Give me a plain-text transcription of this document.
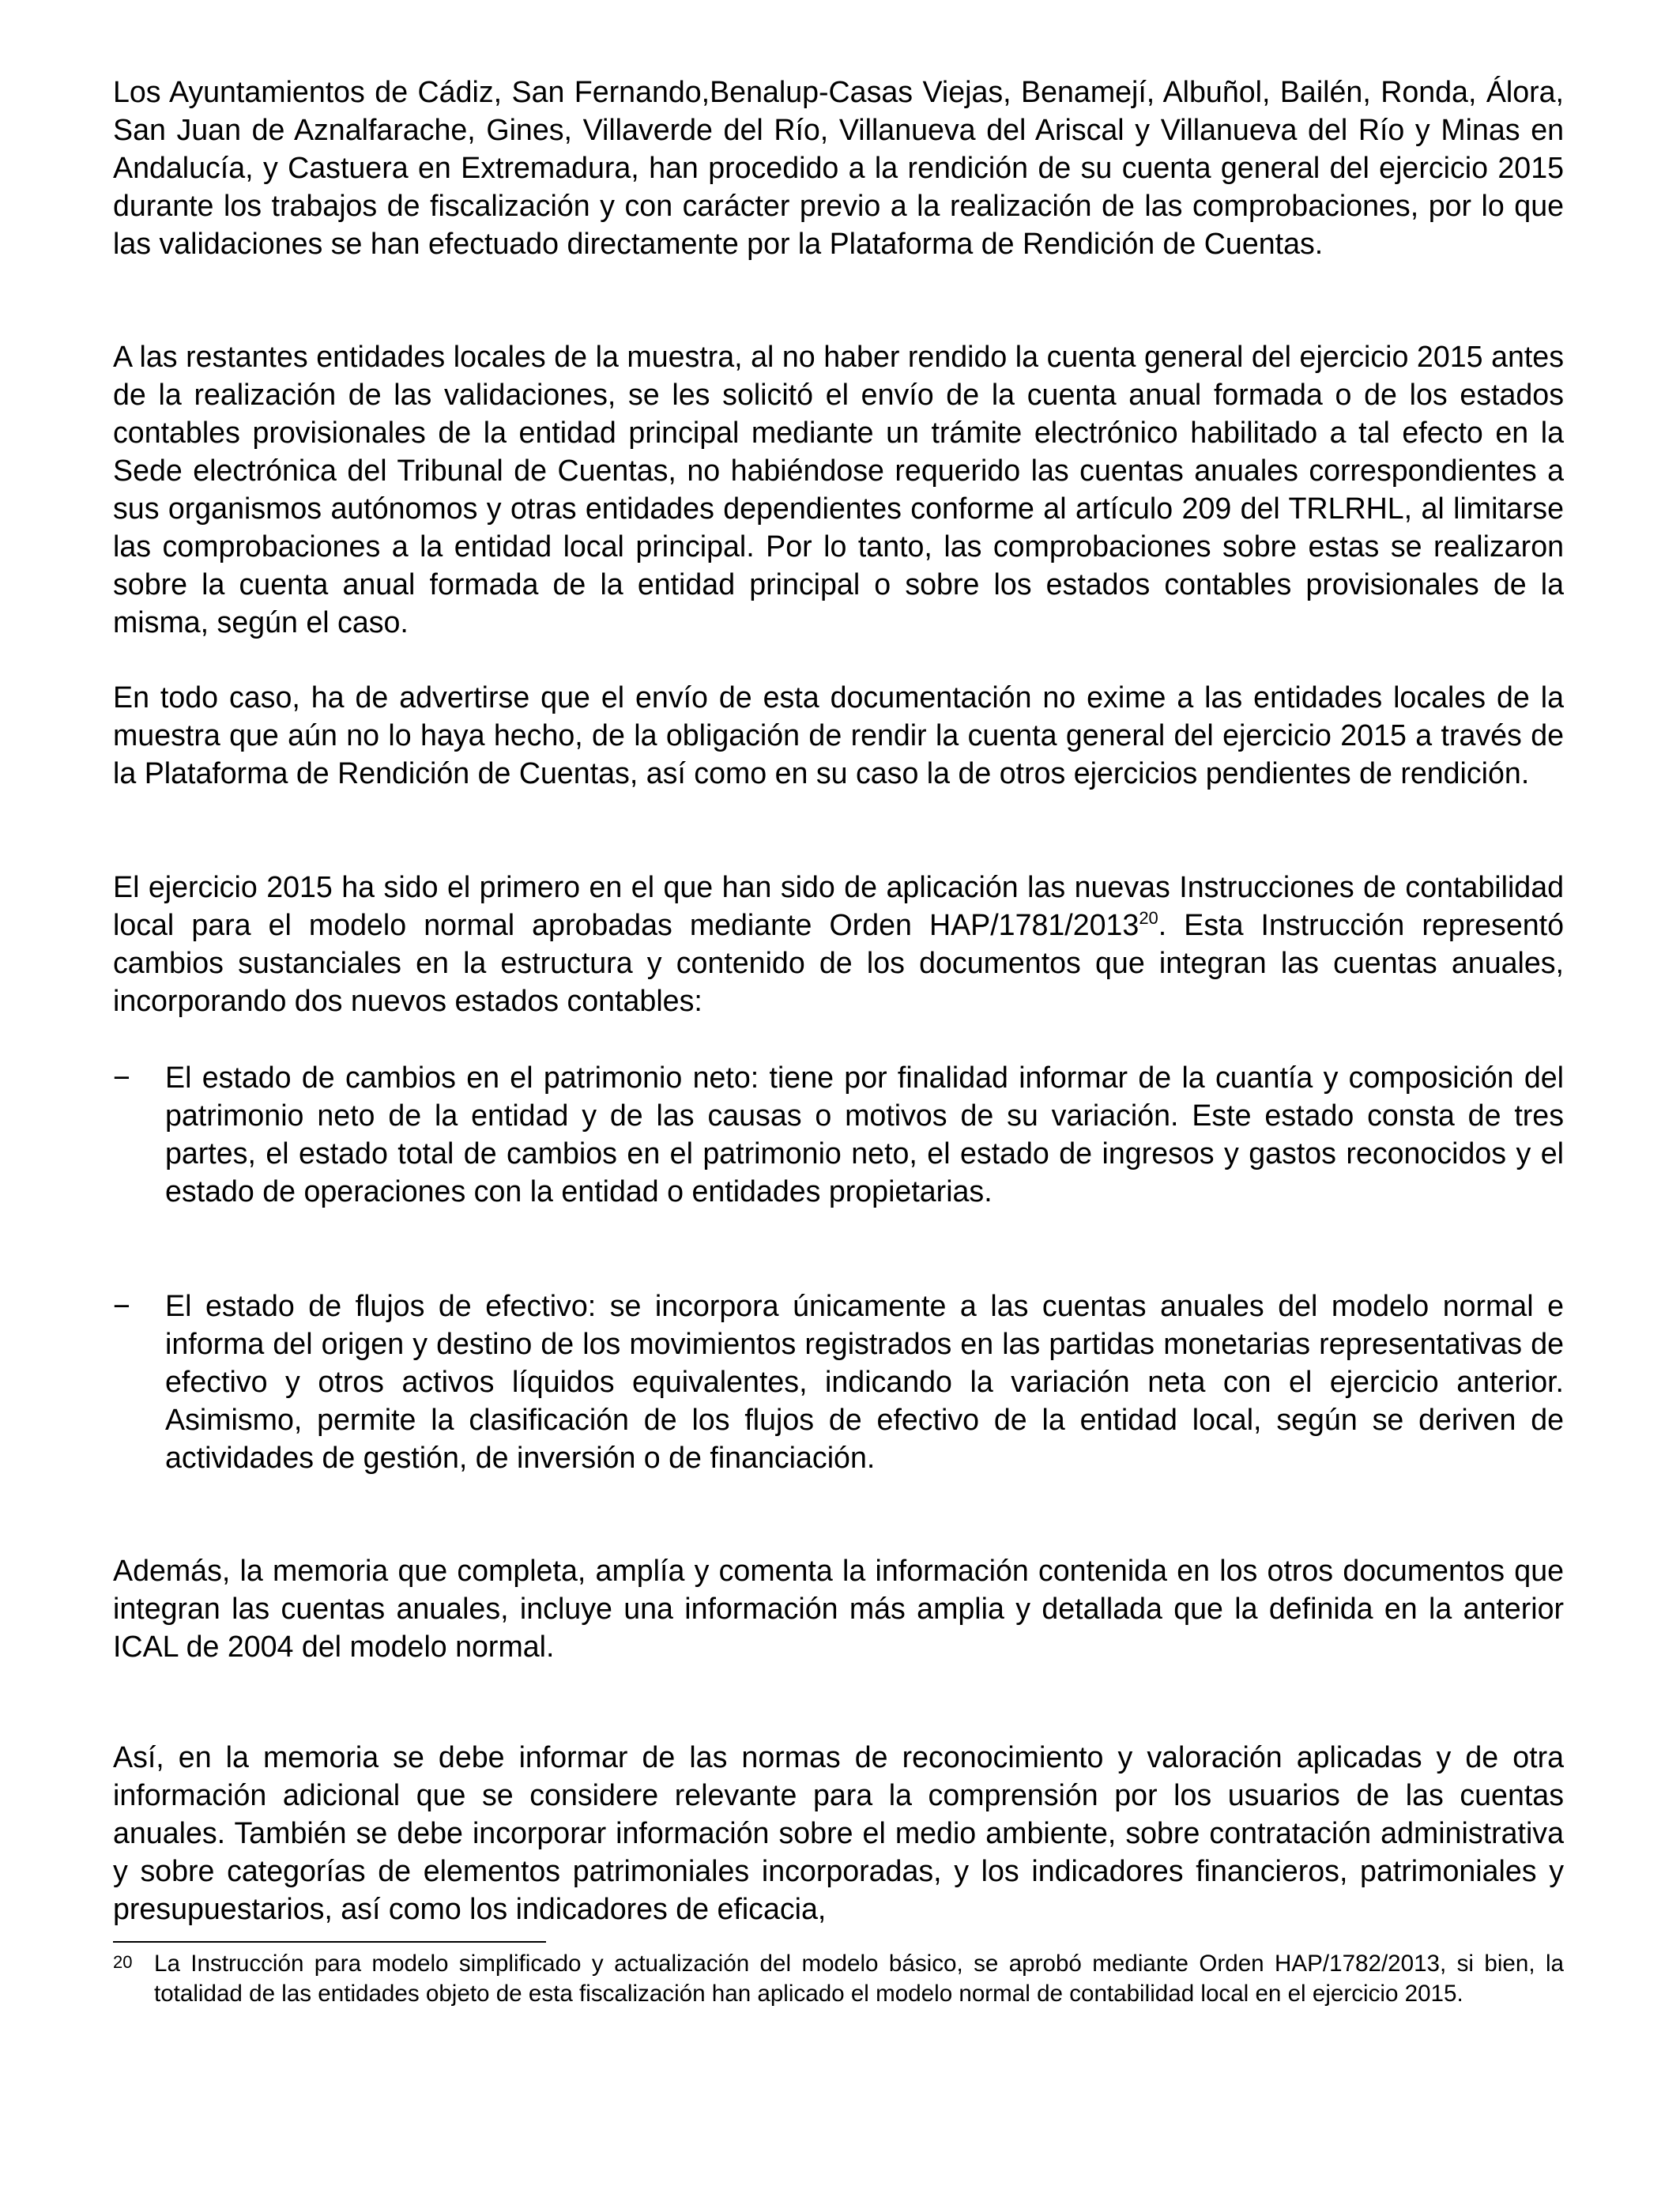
Los Ayuntamientos de Cádiz, San Fernando,Benalup-Casas Viejas, Benamejí, Albuñol, Bailén, Ronda, Álora, San Juan de Aznalfarache, Gines, Villaverde del Río, Villanueva del Ariscal y Villanueva del Río y Minas en Andalucía, y Castuera en Extremadura, han procedido a la rendición de su cuenta general del ejercicio 2015 durante los trabajos de fiscalización y con carácter previo a la realización de las comprobaciones, por lo que las validaciones se han efectuado directamente por la Plataforma de Rendición de Cuentas.

A las restantes entidades locales de la muestra, al no haber rendido la cuenta general del ejercicio 2015 antes de la realización de las validaciones, se les solicitó el envío de la cuenta anual formada o de los estados contables provisionales de la entidad principal mediante un trámite electrónico habilitado a tal efecto en la Sede electrónica del Tribunal de Cuentas, no habiéndose requerido las cuentas anuales correspondientes a sus organismos autónomos y otras entidades dependientes conforme al artículo 209 del TRLRHL, al limitarse las comprobaciones a la entidad local principal. Por lo tanto, las comprobaciones sobre estas se realizaron sobre la cuenta anual formada de la entidad principal o sobre los estados contables provisionales de la misma, según el caso.

En todo caso, ha de advertirse que el envío de esta documentación no exime a las entidades locales de la muestra que aún no lo haya hecho, de la obligación de rendir la cuenta general del ejercicio 2015 a través de la Plataforma de Rendición de Cuentas, así como en su caso la de otros ejercicios pendientes de rendición.

El ejercicio 2015 ha sido el primero en el que han sido de aplicación las nuevas Instrucciones de contabilidad local para el modelo normal aprobadas mediante Orden HAP/1781/2013$^{20}$. Esta Instrucción representó cambios sustanciales en la estructura y contenido de los documentos que integran las cuentas anuales, incorporando dos nuevos estados contables:

−	El estado de cambios en el patrimonio neto: tiene por finalidad informar de la cuantía y composición del patrimonio neto de la entidad y de las causas o motivos de su variación. Este estado consta de tres partes, el estado total de cambios en el patrimonio neto, el estado de ingresos y gastos reconocidos y el estado de operaciones con la entidad o entidades propietarias.

−	El estado de flujos de efectivo: se incorpora únicamente a las cuentas anuales del modelo normal e informa del origen y destino de los movimientos registrados en las partidas monetarias representativas de efectivo y otros activos líquidos equivalentes, indicando la variación neta con el ejercicio anterior. Asimismo, permite la clasificación de los flujos de efectivo de la entidad local, según se deriven de actividades de gestión, de inversión o de financiación.

Además, la memoria que completa, amplía y comenta la información contenida en los otros documentos que integran las cuentas anuales, incluye una información más amplia y detallada que la definida en la anterior ICAL de 2004 del modelo normal.

Así, en la memoria se debe informar de las normas de reconocimiento y valoración aplicadas y de otra información adicional que se considere relevante para la comprensión por los usuarios de las cuentas anuales. También se debe incorporar información sobre el medio ambiente, sobre contratación administrativa y sobre categorías de elementos patrimoniales incorporadas, y los indicadores financieros, patrimoniales y presupuestarios, así como los indicadores de eficacia,

20 La Instrucción para modelo simplificado y actualización del modelo básico, se aprobó mediante Orden HAP/1782/2013, si bien, la totalidad de las entidades objeto de esta fiscalización han aplicado el modelo normal de contabilidad local en el ejercicio 2015.
